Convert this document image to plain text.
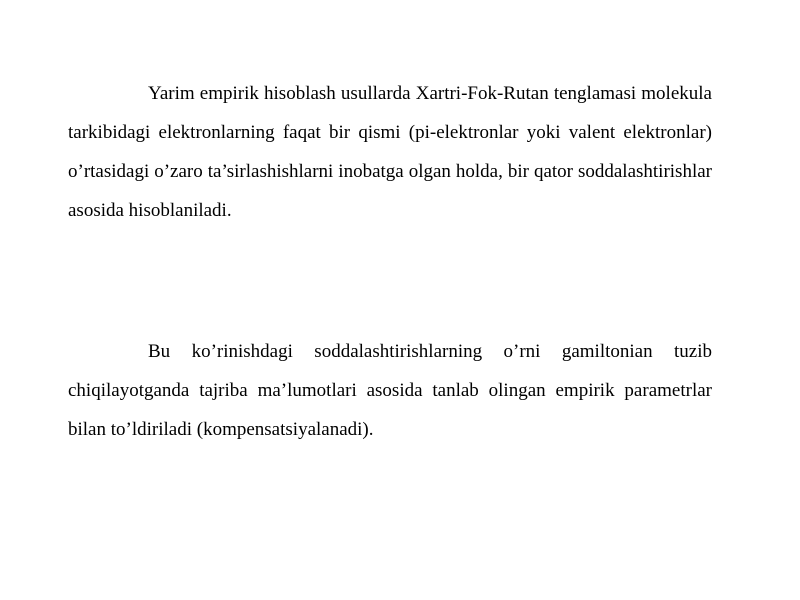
Yarim empirik hisoblash usullarda Xartri-Fok-Rutan tenglamasi molekula tarkibidagi elektronlarning faqat bir qismi (pi-elektronlar yoki valent elektronlar) o’rtasidagi o’zaro ta’sirlashishlarni inobatga olgan holda, bir qator soddalashtirishlar asosida hisoblaniladi.

Bu ko’rinishdagi soddalashtirishlarning o’rni gamiltonian tuzib chiqilayotganda tajriba ma’lumotlari asosida tanlab olingan empirik parametrlar bilan to’ldiriladi (kompensatsiyalanadi).
